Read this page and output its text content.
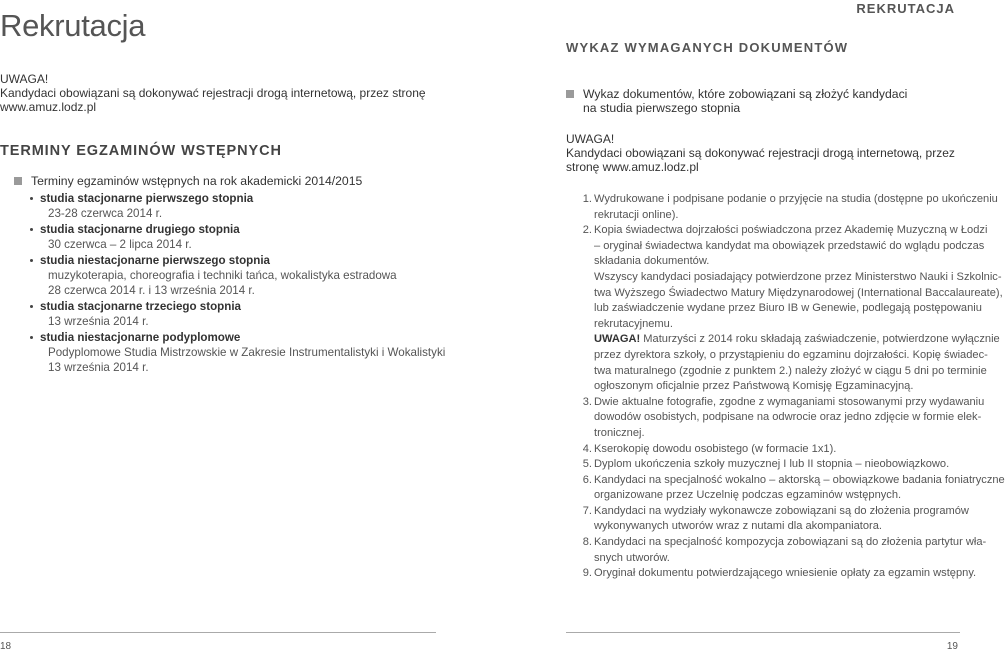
Rekrutacja
UWAGA!
Kandydaci obowiązani są dokonywać rejestracji drogą internetową, przez stronę
www.amuz.lodz.pl
TERMINY EGZAMINÓW WSTĘPNYCH
Terminy egzaminów wstępnych na rok akademicki 2014/2015
studia stacjonarne pierwszego stopnia
23-28 czerwca 2014 r.
studia stacjonarne drugiego stopnia
30 czerwca – 2 lipca 2014 r.
studia niestacjonarne pierwszego stopnia
muzykoterapia, choreografia i techniki tańca, wokalistyka estradowa
28 czerwca 2014 r. i 13 września 2014 r.
studia stacjonarne trzeciego stopnia
13 września 2014 r.
studia niestacjonarne podyplomowe
Podyplomowe Studia Mistrzowskie w Zakresie Instrumentalistyki i Wokalistyki
13 września 2014 r.
REKRUTACJA
WYKAZ WYMAGANYCH DOKUMENTÓW
Wykaz dokumentów, które zobowiązani są złożyć kandydaci
na studia pierwszego stopnia
UWAGA!
Kandydaci obowiązani są dokonywać rejestracji drogą internetową, przez
stronę www.amuz.lodz.pl
1. Wydrukowane i podpisane podanie o przyjęcie na studia (dostępne po ukończeniu
rekrutacji online).
2. Kopia świadectwa dojrzałości poświadczona przez Akademię Muzyczną w Łodzi
– oryginał świadectwa kandydat ma obowiązek przedstawić do wglądu podczas
składania dokumentów.
Wszyscy kandydaci posiadający potwierdzone przez Ministerstwo Nauki i Szkolnic-
twa Wyższego Świadectwo Matury Międzynarodowej (International Baccalaureate),
lub zaświadczenie wydane przez Biuro IB w Genewie, podlegają postępowaniu
rekrutacyjnemu.
UWAGA! Maturzyści z 2014 roku składają zaświadczenie, potwierdzone wyłącznie
przez dyrektora szkoły, o przystąpieniu do egzaminu dojrzałości. Kopię świadec-
twa maturalnego (zgodnie z punktem 2.) należy złożyć w ciągu 5 dni po terminie
ogłoszonym oficjalnie przez Państwową Komisję Egzaminacyjną.
3. Dwie aktualne fotografie, zgodne z wymaganiami stosowanymi przy wydawaniu
dowodów osobistych, podpisane na odwrocie oraz jedno zdjęcie w formie elek-
tronicznej.
4. Kserokopię dowodu osobistego (w formacie 1x1).
5. Dyplom ukończenia szkoły muzycznej I lub II stopnia – nieobowiązkowo.
6. Kandydaci na specjalność wokalno – aktorską – obowiązkowe badania foniatryczne
organizowane przez Uczelnię podczas egzaminów wstępnych.
7. Kandydaci na wydziały wykonawcze zobowiązani są do złożenia programów
wykonywanych utworów wraz z nutami dla akompaniatora.
8. Kandydaci na specjalność kompozycja zobowiązani są do złożenia partytur wła-
snych utworów.
9. Oryginał dokumentu potwierdzającego wniesienie opłaty za egzamin wstępny.
18	19
